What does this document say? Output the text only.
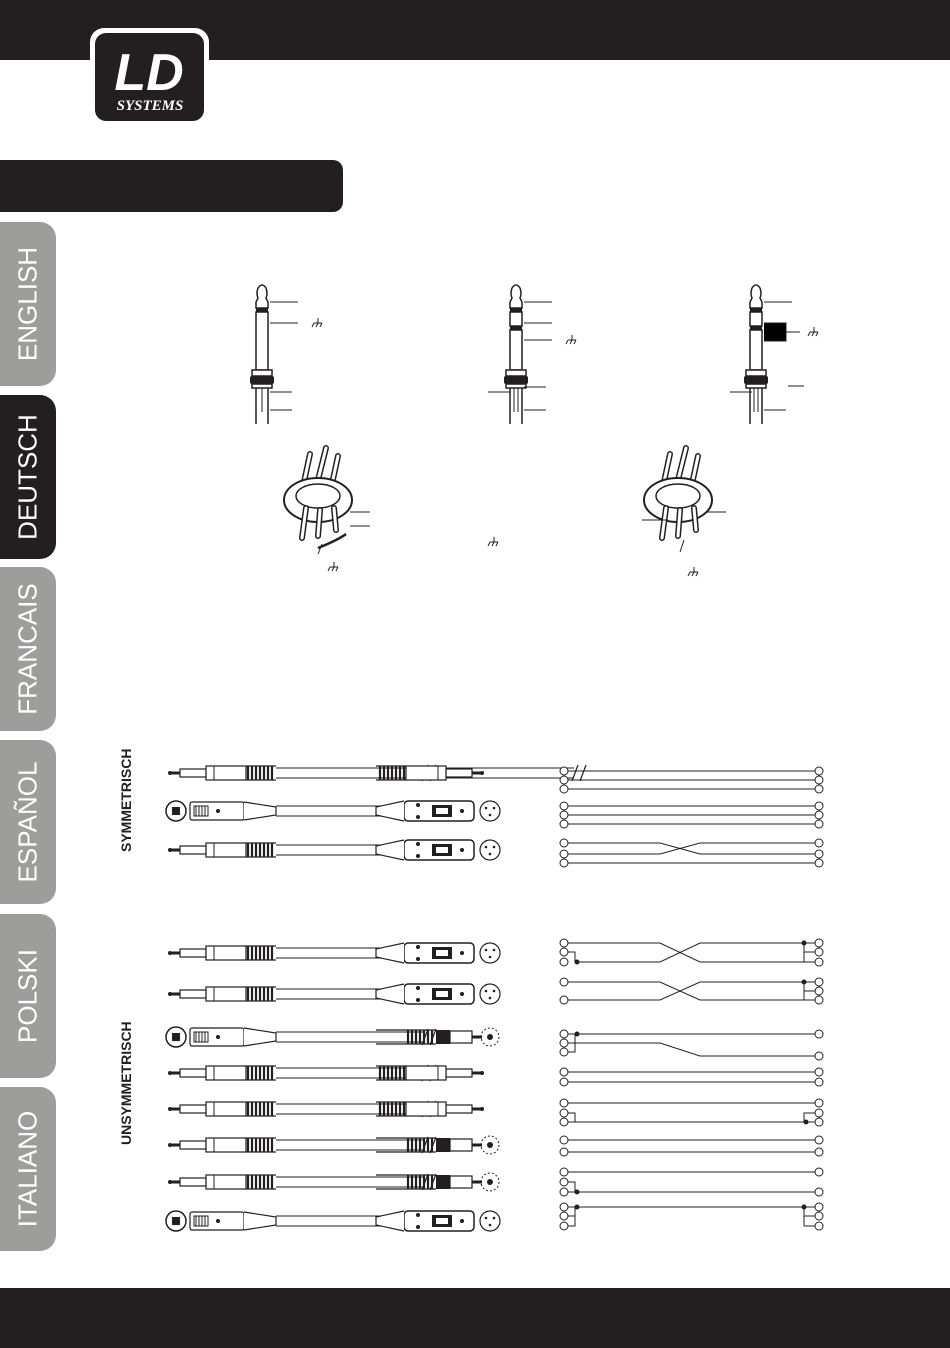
LD
SYSTEMS
ENGLISH
DEUTSCH
FRANCAIS
ESPAÑOL
POLSKI
ITALIANO
SYMMETRISCH
UNSYMMETRISCH
